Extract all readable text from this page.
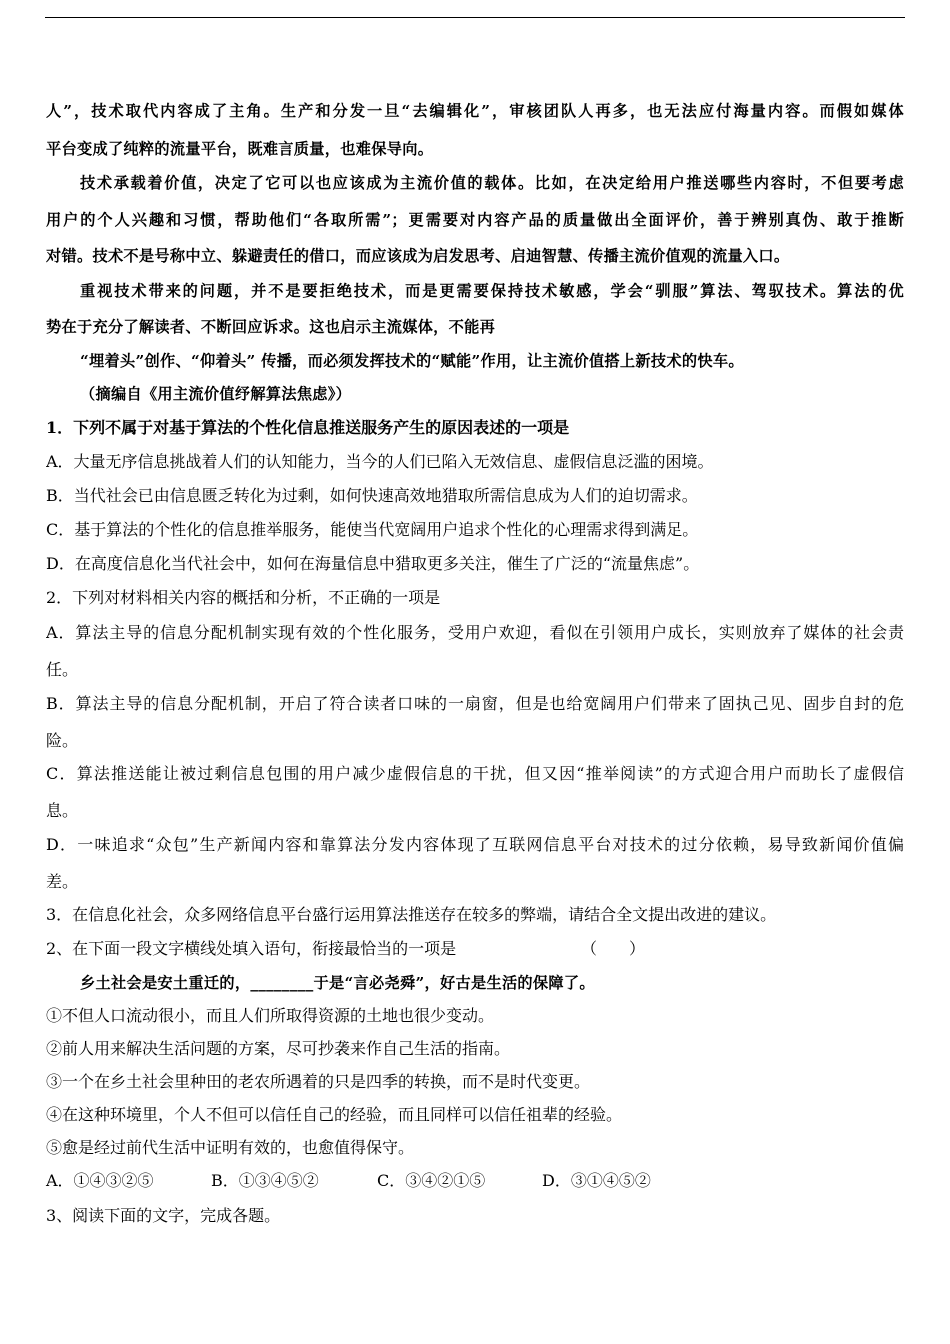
人”，技术取代内容成了主角。生产和分发一旦“去编辑化”，审核团队人再多，也无法应付海量内容。而假如媒体
平台变成了纯粹的流量平台，既难言质量，也难保导向。
技术承载着价值，决定了它可以也应该成为主流价值的载体。比如，在决定给用户推送哪些内容时，不但要考虑
用户的个人兴趣和习惯，帮助他们“各取所需”；更需要对内容产品的质量做出全面评价，善于辨别真伪、敢于推断
对错。技术不是号称中立、躲避责任的借口，而应该成为启发思考、启迪智慧、传播主流价值观的流量入口。
重视技术带来的问题，并不是要拒绝技术，而是更需要保持技术敏感，学会“驯服”算法、驾驭技术。算法的优
势在于充分了解读者、不断回应诉求。这也启示主流媒体，不能再
“埋着头”创作、“仰着头” 传播，而必须发挥技术的“赋能”作用，让主流价值搭上新技术的快车。
（摘编自《用主流价值纾解算法焦虑》）
1．下列不属于对基于算法的个性化信息推送服务产生的原因表述的一项是
A．大量无序信息挑战着人们的认知能力，当今的人们已陷入无效信息、虚假信息泛滥的困境。
B．当代社会已由信息匮乏转化为过剩，如何快速高效地猎取所需信息成为人们的迫切需求。
C．基于算法的个性化的信息推举服务，能使当代宽阔用户追求个性化的心理需求得到满足。
D．在高度信息化当代社会中，如何在海量信息中猎取更多关注，催生了广泛的“流量焦虑”。
2．下列对材料相关内容的概括和分析，不正确的一项是
A．算法主导的信息分配机制实现有效的个性化服务，受用户欢迎，看似在引领用户成长，实则放弃了媒体的社会责
任。
B．算法主导的信息分配机制，开启了符合读者口味的一扇窗，但是也给宽阔用户们带来了固执己见、固步自封的危
险。
C．算法推送能让被过剩信息包围的用户减少虚假信息的干扰，但又因“推举阅读”的方式迎合用户而助长了虚假信
息。
D．一味追求“众包”生产新闻内容和靠算法分发内容体现了互联网信息平台对技术的过分依赖，易导致新闻价值偏
差。
3．在信息化社会，众多网络信息平台盛行运用算法推送存在较多的弊端，请结合全文提出改进的建议。
2、在下面一段文字横线处填入语句，衔接最恰当的一项是	（　　）
乡土社会是安土重迁的，________于是“言必尧舜”，好古是生活的保障了。
①不但人口流动很小，而且人们所取得资源的土地也很少变动。
②前人用来解决生活问题的方案，尽可抄袭来作自己生活的指南。
③一个在乡土社会里种田的老农所遇着的只是四季的转换，而不是时代变更。
④在这种环境里，个人不但可以信任自己的经验，而且同样可以信任祖辈的经验。
⑤愈是经过前代生活中证明有效的，也愈值得保守。
A．①④③②⑤	B．①③④⑤②	C．③④②①⑤	D．③①④⑤②
3、阅读下面的文字，完成各题。
